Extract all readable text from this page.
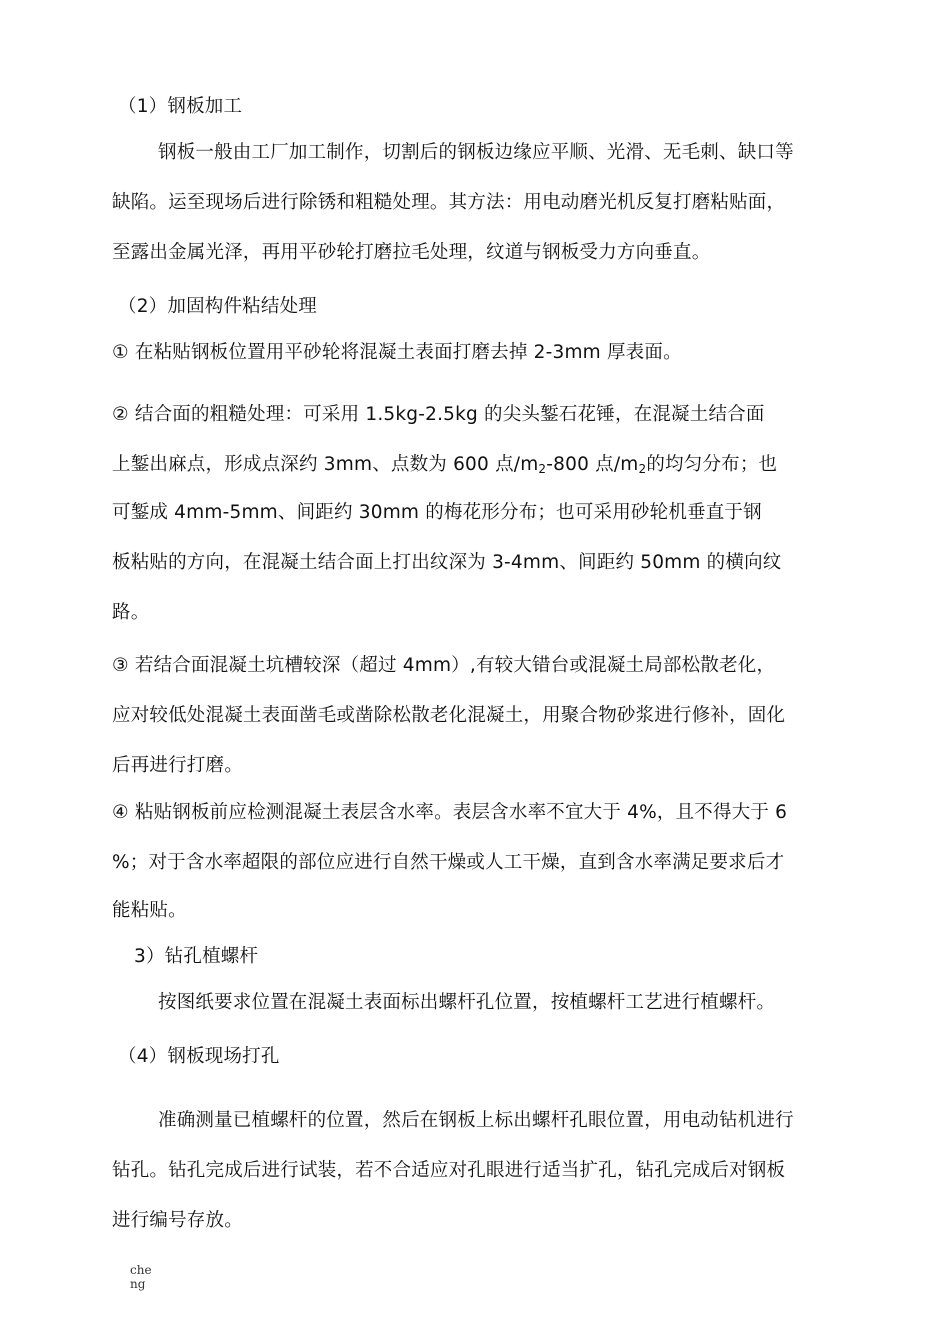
（1）钢板加工
钢板一般由工厂加工制作，切割后的钢板边缘应平顺、光滑、无毛刺、缺口等
缺陷。运至现场后进行除锈和粗糙处理。其方法：用电动磨光机反复打磨粘贴面，
至露出金属光泽，再用平砂轮打磨拉毛处理，纹道与钢板受力方向垂直。
（2）加固构件粘结处理
① 在粘贴钢板位置用平砂轮将混凝土表面打磨去掉 2-3mm 厚表面。
② 结合面的粗糙处理：可采用 1.5kg-2.5kg 的尖头錾石花锤，在混凝土结合面
上錾出麻点，形成点深约 3mm、点数为 600 点$/m_2-800$ 点$/m_2$的均匀分布；也
可錾成 4mm-5mm、间距约 30mm 的梅花形分布；也可采用砂轮机垂直于钢
板粘贴的方向，在混凝土结合面上打出纹深为 3-4mm、间距约 50mm 的横向纹
路。
③ 若结合面混凝土坑槽较深（超过 4mm）,有较大错台或混凝土局部松散老化，
应对较低处混凝土表面凿毛或凿除松散老化混凝土，用聚合物砂浆进行修补，固化
后再进行打磨。
④ 粘贴钢板前应检测混凝土表层含水率。表层含水率不宜大于 4%，且不得大于 6
%；对于含水率超限的部位应进行自然干燥或人工干燥，直到含水率满足要求后才
能粘贴。
3）钻孔植螺杆
按图纸要求位置在混凝土表面标出螺杆孔位置，按植螺杆工艺进行植螺杆。
（4）钢板现场打孔
准确测量已植螺杆的位置，然后在钢板上标出螺杆孔眼位置，用电动钻机进行
钻孔。钻孔完成后进行试装，若不合适应对孔眼进行适当扩孔，钻孔完成后对钢板
进行编号存放。
che
ng
